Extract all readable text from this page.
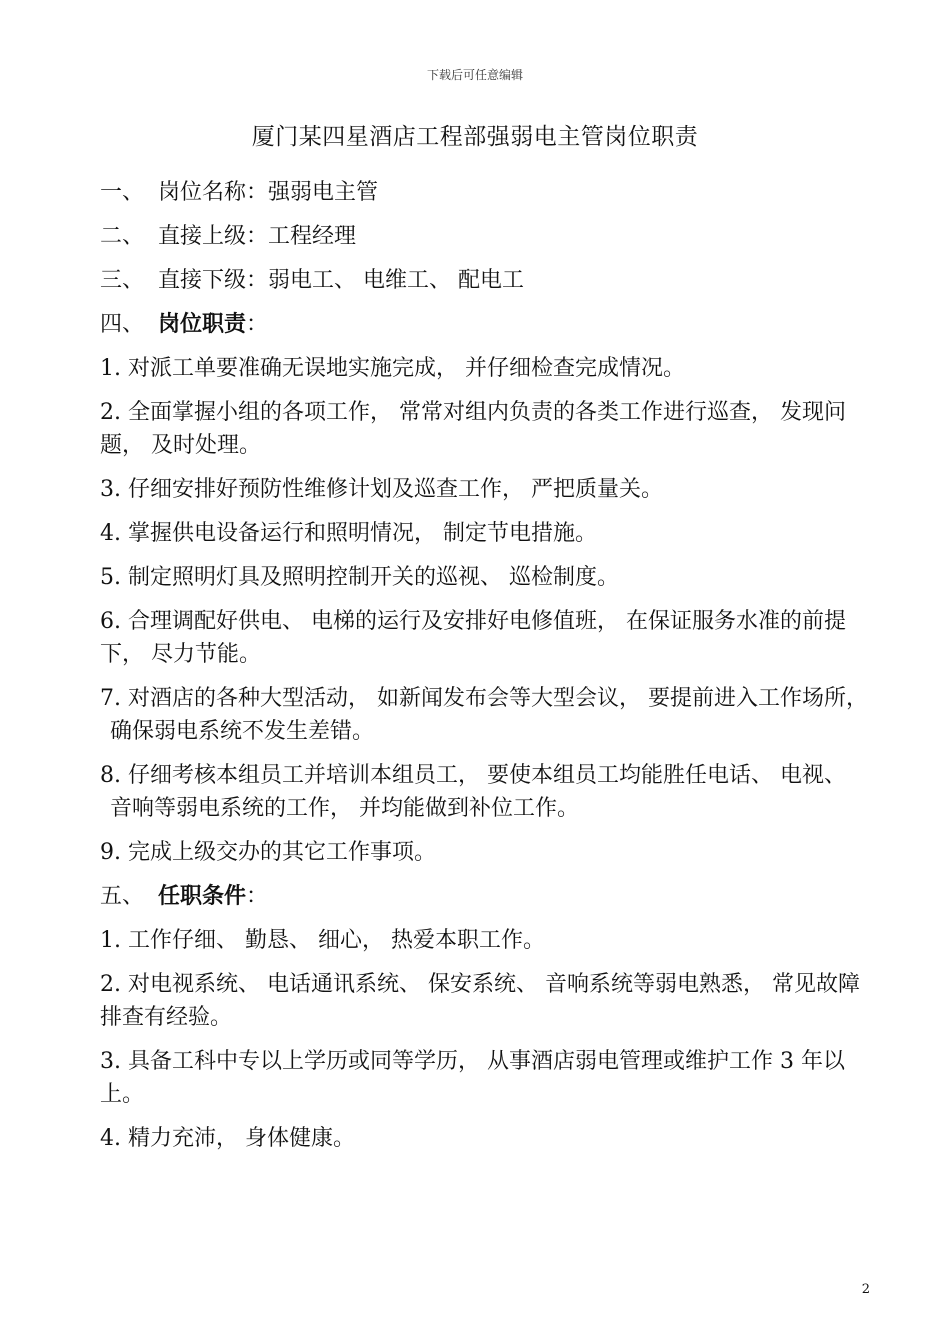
下载后可任意编辑
厦门某四星酒店工程部强弱电主管岗位职责
一、 岗位名称： 强弱电主管
二、 直接上级： 工程经理
三、 直接下级： 弱电工、 电维工、 配电工
四、 岗位职责 ：
1. 对派工单要准确无误地实施完成， 并仔细检查完成情况。
2. 全面掌握小组的各项工作， 常常对组内负责的各类工作进行巡查， 发现问题， 及时处理。
3. 仔细安排好预防性维修计划及巡查工作， 严把质量关。
4. 掌握供电设备运行和照明情况， 制定节电措施。
5. 制定照明灯具及照明控制开关的巡视、 巡检制度。
6. 合理调配好供电、 电梯的运行及安排好电修值班， 在保证服务水准的前提下， 尽力节能。
7. 对酒店的各种大型活动， 如新闻发布会等大型会议， 要提前进入工作场所，
确保弱电系统不发生差错。
8. 仔细考核本组员工并培训本组员工， 要使本组员工均能胜任电话、 电视、
音响等弱电系统的工作， 并均能做到补位工作。
9. 完成上级交办的其它工作事项。
五、 任职条件 ：
1. 工作仔细、 勤恳、 细心， 热爱本职工作。
2. 对电视系统、 电话通讯系统、 保安系统、 音响系统等弱电熟悉， 常见故障排查有经验。
3. 具备工科中专以上学历或同等学历， 从事酒店弱电管理或维护工作 3 年以上。
4. 精力充沛， 身体健康。
2
